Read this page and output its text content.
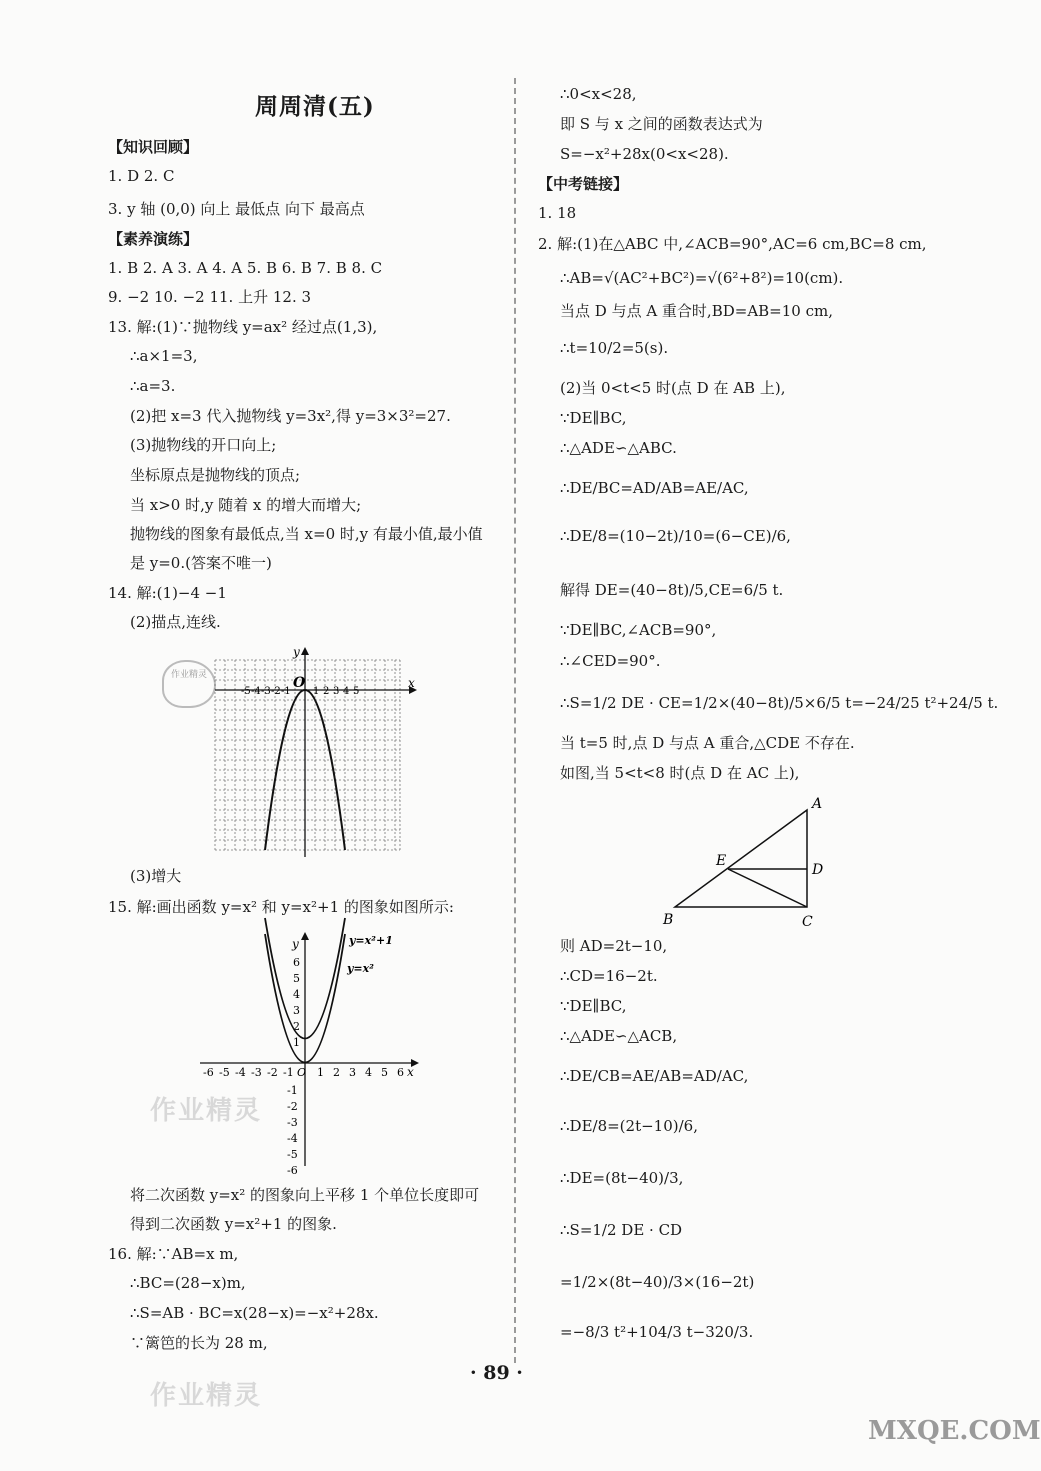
周周清(五)
【知识回顾】
1. D 2. C
3. y 轴 (0,0) 向上 最低点 向下 最高点
【素养演练】
1. B 2. A 3. A 4. A 5. B 6. B 7. B 8. C
9. −2 10. −2 11. 上升 12. 3
13. 解:(1)∵抛物线 y=ax² 经过点(1,3),
∴a×1=3,
∴a=3.
(2)把 x=3 代入抛物线 y=3x²,得 y=3×3²=27.
(3)抛物线的开口向上;
坐标原点是抛物线的顶点;
当 x>0 时,y 随着 x 的增大而增大;
抛物线的图象有最低点,当 x=0 时,y 有最小值,最小值
是 y=0.(答案不唯一)
14. 解:(1)−4 −1
(2)描点,连线.
作业精灵
x
y
O
-5 -4 -3 -2 -1 1 2 3 4 5
(3)增大
15. 解:画出函数 y=x² 和 y=x²+1 的图象如图所示:
x
y
O
-6 -5 -4 -3 -2 -1 1 2 3 4 5 6
6
5
4
3
2
1
-1
-2
-3
-4
-5
-6
y=x²+1
y=x²
作业精灵
将二次函数 y=x² 的图象向上平移 1 个单位长度即可
得到二次函数 y=x²+1 的图象.
16. 解:∵AB=x m,
∴BC=(28−x)m,
∴S=AB · BC=x(28−x)=−x²+28x.
∵篱笆的长为 28 m,
作业精灵
∴0<x<28,
即 S 与 x 之间的函数表达式为
S=−x²+28x(0<x<28).
【中考链接】
1. 18
2. 解:(1)在△ABC 中,∠ACB=90°,AC=6 cm,BC=8 cm,
∴AB=√(AC²+BC²)=√(6²+8²)=10(cm).
当点 D 与点 A 重合时,BD=AB=10 cm,
∴t=10/2=5(s).
(2)当 0<t<5 时(点 D 在 AB 上),
∵DE∥BC,
∴△ADE∽△ABC.
∴DE/BC=AD/AB=AE/AC,
∴DE/8=(10−2t)/10=(6−CE)/6,
解得 DE=(40−8t)/5,CE=6/5 t.
∵DE∥BC,∠ACB=90°,
∴∠CED=90°.
∴S=1/2 DE · CE=1/2×(40−8t)/5×6/5 t=−24/25 t²+24/5 t.
当 t=5 时,点 D 与点 A 重合,△CDE 不存在.
如图,当 5<t<8 时(点 D 在 AC 上),
A
E
D
B	C
则 AD=2t−10,
∴CD=16−2t.
∵DE∥BC,
∴△ADE∽△ACB,
∴DE/CB=AE/AB=AD/AC,
∴DE/8=(2t−10)/6,
∴DE=(8t−40)/3,
∴S=1/2 DE · CD
=1/2×(8t−40)/3×(16−2t)
=−8/3 t²+104/3 t−320/3.
· 89 ·
MXQE.COM
